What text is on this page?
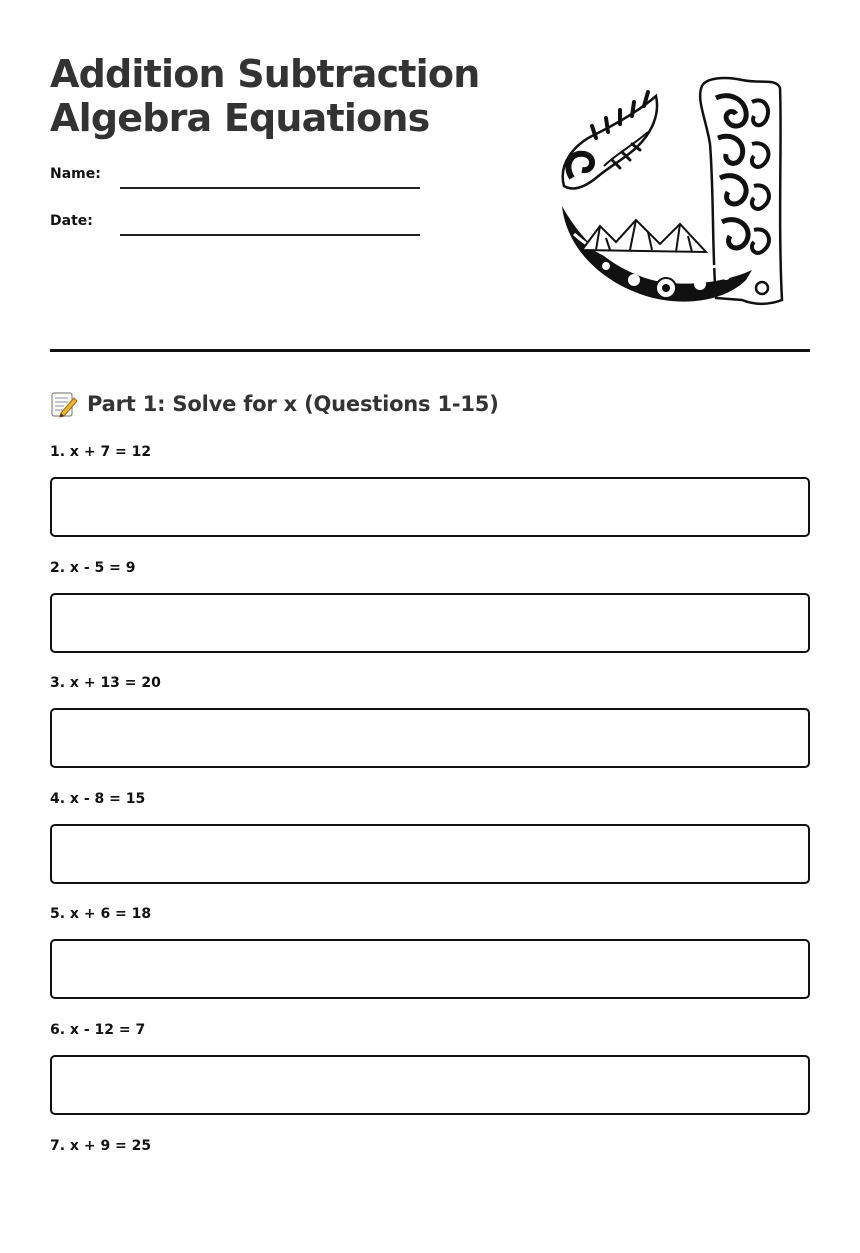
Addition Subtraction
Algebra Equations
Name:
Date:
Part 1: Solve for x (Questions 1-15)
1. x + 7 = 12
2. x - 5 = 9
3. x + 13 = 20
4. x - 8 = 15
5. x + 6 = 18
6. x - 12 = 7
7. x + 9 = 25
